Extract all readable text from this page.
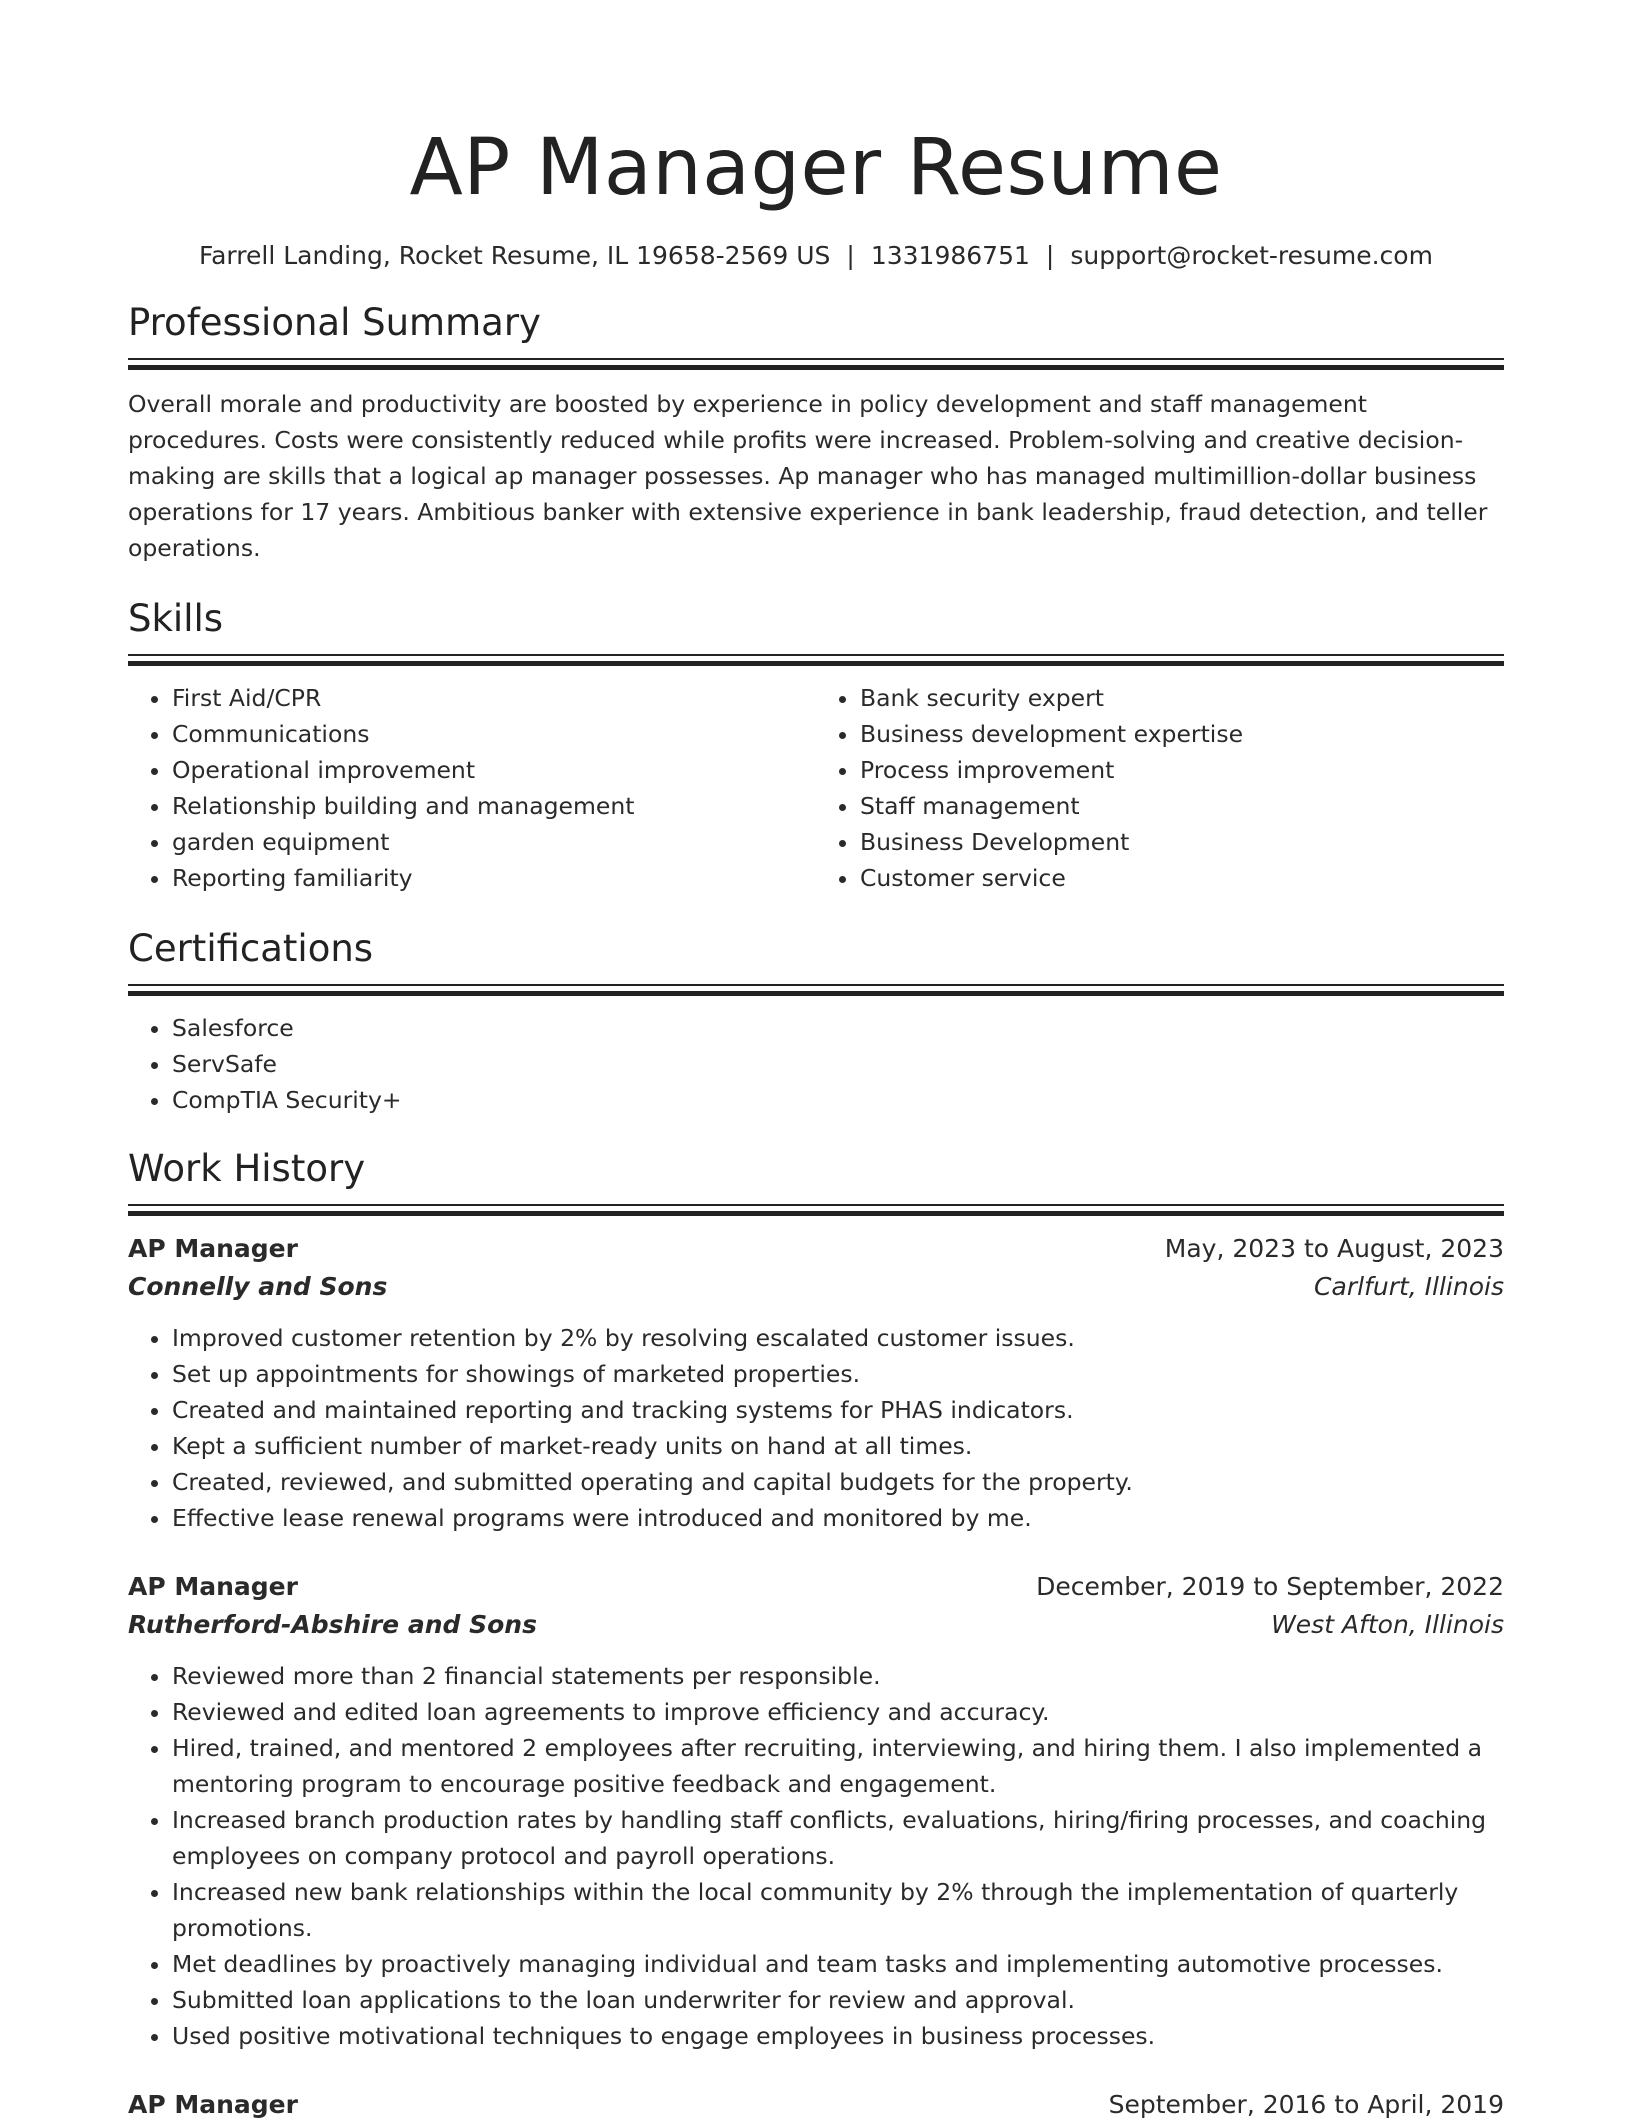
AP Manager Resume
Farrell Landing, Rocket Resume, IL 19658-2569 US | 1331986751 | support@rocket-resume.com
Professional Summary

Overall morale and productivity are boosted by experience in policy development and staff management procedures. Costs were consistently reduced while profits were increased. Problem-solving and creative decision-making are skills that a logical ap manager possesses. Ap manager who has managed multimillion-dollar business operations for 17 years. Ambitious banker with extensive experience in bank leadership, fraud detection, and teller operations.

Skills
• First Aid/CPR
• Communications
• Operational improvement
• Relationship building and management
• garden equipment
• Reporting familiarity
• Bank security expert
• Business development expertise
• Process improvement
• Staff management
• Business Development
• Customer service
Certifications
• Salesforce
• ServSafe
• CompTIA Security+
Work History
AP Manager	May, 2023 to August, 2023
Connelly and Sons	Carlfurt, Illinois
• Improved customer retention by 2% by resolving escalated customer issues.
• Set up appointments for showings of marketed properties.
• Created and maintained reporting and tracking systems for PHAS indicators.
• Kept a sufficient number of market-ready units on hand at all times.
• Created, reviewed, and submitted operating and capital budgets for the property.
• Effective lease renewal programs were introduced and monitored by me.
AP Manager	December, 2019 to September, 2022
Rutherford-Abshire and Sons	West Afton, Illinois
• Reviewed more than 2 financial statements per responsible.
• Reviewed and edited loan agreements to improve efficiency and accuracy.
• Hired, trained, and mentored 2 employees after recruiting, interviewing, and hiring them. I also implemented a mentoring program to encourage positive feedback and engagement.
• Increased branch production rates by handling staff conflicts, evaluations, hiring/firing processes, and coaching employees on company protocol and payroll operations.
• Increased new bank relationships within the local community by 2% through the implementation of quarterly promotions.
• Met deadlines by proactively managing individual and team tasks and implementing automotive processes.
• Submitted loan applications to the loan underwriter for review and approval.
• Used positive motivational techniques to engage employees in business processes.
AP Manager	September, 2016 to April, 2019
